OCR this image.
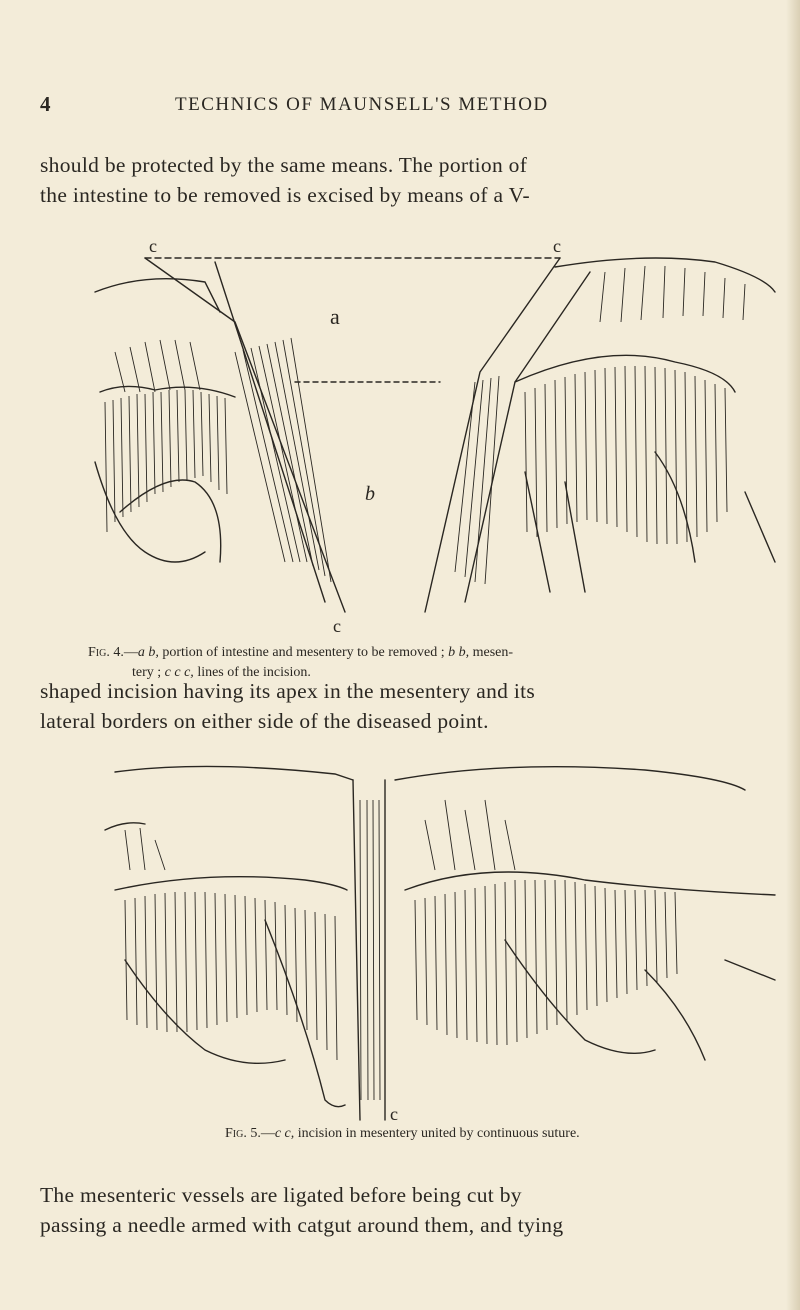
4	TECHNICS OF MAUNSELL'S METHOD

should be protected by the same means. The portion of
the intestine to be removed is excised by means of a V-

c	c
c
a
b
Fig. 4.—a b, portion of intestine and mesentery to be removed ; b b, mesen-
tery ; c c c, lines of the incision.

shaped incision having its apex in the mesentery and its
lateral borders on either side of the diseased point.

c
Fig. 5.—c c, incision in mesentery united by continuous suture.

The mesenteric vessels are ligated before being cut by
passing a needle armed with catgut around them, and tying
